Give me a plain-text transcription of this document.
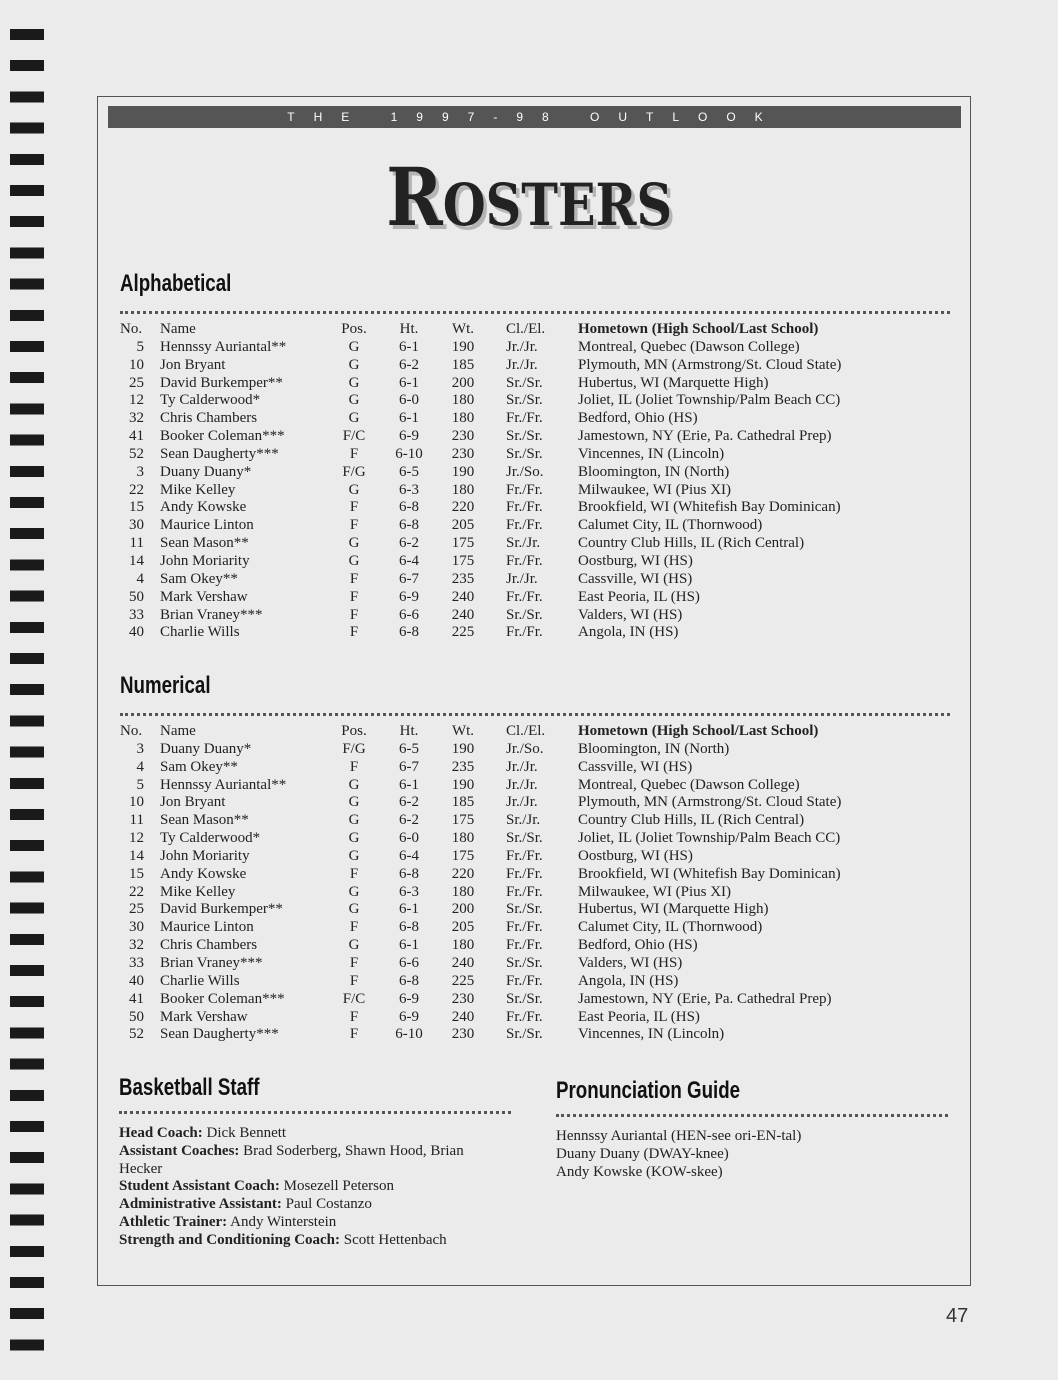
THE 1997-98 OUTLOOK
ROSTERS
Alphabetical
No.	Name	Pos.	Ht.	Wt.	Cl./El.	Hometown (High School/Last School)
5	Hennssy Auriantal**	G	6-1	190	Jr./Jr.	Montreal, Quebec (Dawson College)
10	Jon Bryant	G	6-2	185	Jr./Jr.	Plymouth, MN (Armstrong/St. Cloud State)
25	David Burkemper**	G	6-1	200	Sr./Sr.	Hubertus, WI (Marquette High)
12	Ty Calderwood*	G	6-0	180	Sr./Sr.	Joliet, IL (Joliet Township/Palm Beach CC)
32	Chris Chambers	G	6-1	180	Fr./Fr.	Bedford, Ohio (HS)
41	Booker Coleman***	F/C	6-9	230	Sr./Sr.	Jamestown, NY (Erie, Pa. Cathedral Prep)
52	Sean Daugherty***	F	6-10	230	Sr./Sr.	Vincennes, IN (Lincoln)
3	Duany Duany*	F/G	6-5	190	Jr./So.	Bloomington, IN (North)
22	Mike Kelley	G	6-3	180	Fr./Fr.	Milwaukee, WI (Pius XI)
15	Andy Kowske	F	6-8	220	Fr./Fr.	Brookfield, WI (Whitefish Bay Dominican)
30	Maurice Linton	F	6-8	205	Fr./Fr.	Calumet City, IL (Thornwood)
11	Sean Mason**	G	6-2	175	Sr./Jr.	Country Club Hills, IL (Rich Central)
14	John Moriarity	G	6-4	175	Fr./Fr.	Oostburg, WI (HS)
4	Sam Okey**	F	6-7	235	Jr./Jr.	Cassville, WI (HS)
50	Mark Vershaw	F	6-9	240	Fr./Fr.	East Peoria, IL (HS)
33	Brian Vraney***	F	6-6	240	Sr./Sr.	Valders, WI (HS)
40	Charlie Wills	F	6-8	225	Fr./Fr.	Angola, IN (HS)
Numerical
No.	Name	Pos.	Ht.	Wt.	Cl./El.	Hometown (High School/Last School)
3	Duany Duany*	F/G	6-5	190	Jr./So.	Bloomington, IN (North)
4	Sam Okey**	F	6-7	235	Jr./Jr.	Cassville, WI (HS)
5	Hennssy Auriantal**	G	6-1	190	Jr./Jr.	Montreal, Quebec (Dawson College)
10	Jon Bryant	G	6-2	185	Jr./Jr.	Plymouth, MN (Armstrong/St. Cloud State)
11	Sean Mason**	G	6-2	175	Sr./Jr.	Country Club Hills, IL (Rich Central)
12	Ty Calderwood*	G	6-0	180	Sr./Sr.	Joliet, IL (Joliet Township/Palm Beach CC)
14	John Moriarity	G	6-4	175	Fr./Fr.	Oostburg, WI (HS)
15	Andy Kowske	F	6-8	220	Fr./Fr.	Brookfield, WI (Whitefish Bay Dominican)
22	Mike Kelley	G	6-3	180	Fr./Fr.	Milwaukee, WI (Pius XI)
25	David Burkemper**	G	6-1	200	Sr./Sr.	Hubertus, WI (Marquette High)
30	Maurice Linton	F	6-8	205	Fr./Fr.	Calumet City, IL (Thornwood)
32	Chris Chambers	G	6-1	180	Fr./Fr.	Bedford, Ohio (HS)
33	Brian Vraney***	F	6-6	240	Sr./Sr.	Valders, WI (HS)
40	Charlie Wills	F	6-8	225	Fr./Fr.	Angola, IN (HS)
41	Booker Coleman***	F/C	6-9	230	Sr./Sr.	Jamestown, NY (Erie, Pa. Cathedral Prep)
50	Mark Vershaw	F	6-9	240	Fr./Fr.	East Peoria, IL (HS)
52	Sean Daugherty***	F	6-10	230	Sr./Sr.	Vincennes, IN (Lincoln)
Basketball Staff
Head Coach: Dick Bennett
Assistant Coaches: Brad Soderberg, Shawn Hood, Brian Hecker
Student Assistant Coach: Mosezell Peterson
Administrative Assistant: Paul Costanzo
Athletic Trainer: Andy Winterstein
Strength and Conditioning Coach: Scott Hettenbach
Pronunciation Guide
Hennssy Auriantal (HEN-see ori-EN-tal)
Duany Duany (DWAY-knee)
Andy Kowske (KOW-skee)
47
